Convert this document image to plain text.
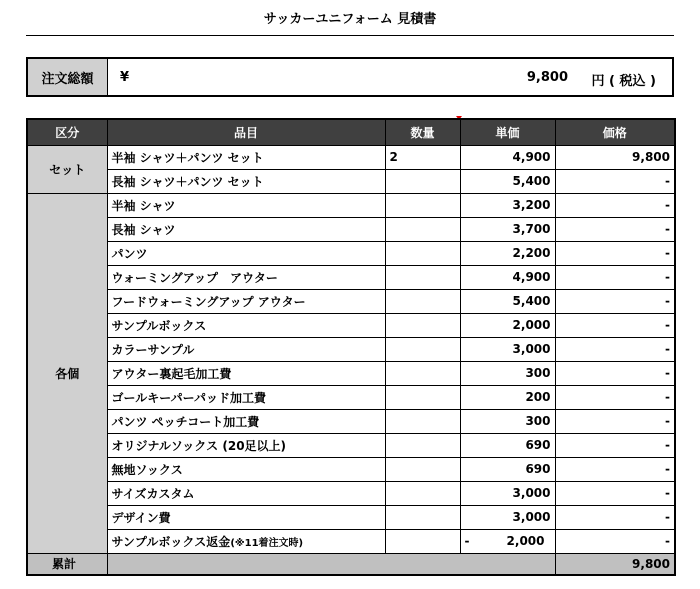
サッカーユニフォーム 見積書
注文総額	¥	9,800 円 ( 税込 )
区分	品目	数量	単価	価格
セット	半袖 シャツ＋パンツ セット	2	4,900	9,800
	長袖 シャツ＋パンツ セット		5,400	-
各個	半袖 シャツ		3,200	-
	長袖 シャツ		3,700	-
	パンツ		2,200	-
	ウォーミングアップ　アウター		4,900	-
	フードウォーミングアップ アウター		5,400	-
	サンプルボックス		2,000	-
	カラーサンプル		3,000	-
	アウター裏起毛加工費		300	-
	ゴールキーパーパッド加工費		200	-
	パンツ ぺッチコート加工費		300	-
	オリジナルソックス (20足以上)		690	-
	無地ソックス		690	-
	サイズカスタム		3,000	-
	デザイン費		3,000	-
	サンプルボックス返金(※11着注文時)		- 2,000	-
累計				9,800
